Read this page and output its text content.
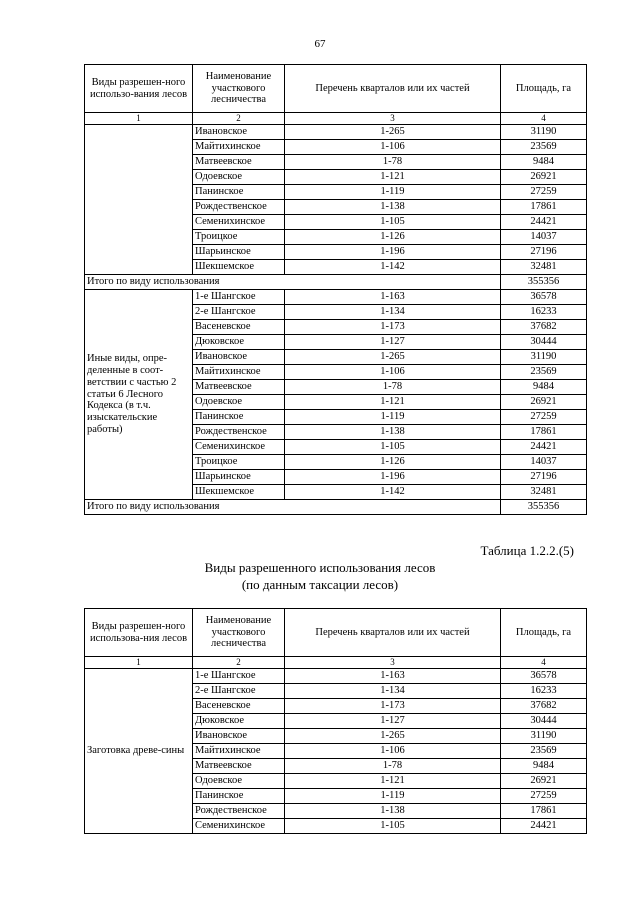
67
Виды разрешен-ного использо-вания лесов	Наименование участкового лесничества	Перечень кварталов или их частей	Площадь, га
1	2	3	4
	Ивановское	1-265	31190
	Майтихинское	1-106	23569
	Матвеевское	1-78	9484
	Одоевское	1-121	26921
	Панинское	1-119	27259
	Рождественское	1-138	17861
	Семенихинское	1-105	24421
	Троицкое	1-126	14037
	Шарьинское	1-196	27196
	Шекшемское	1-142	32481
Итого по виду использования			355356
Иные виды, опре-деленные в соот-ветствии с частью 2 статьи 6 Лесного Кодекса (в т.ч. изыскательские работы)	1-е Шангское	1-163	36578
	2-е Шангское	1-134	16233
	Васеневское	1-173	37682
	Дюковское	1-127	30444
	Ивановское	1-265	31190
	Майтихинское	1-106	23569
	Матвеевское	1-78	9484
	Одоевское	1-121	26921
	Панинское	1-119	27259
	Рождественское	1-138	17861
	Семенихинское	1-105	24421
	Троицкое	1-126	14037
	Шарьинское	1-196	27196
	Шекшемское	1-142	32481
Итого по виду использования			355356
Таблица 1.2.2.(5)
Виды разрешенного использования лесов
(по данным таксации лесов)
Виды разрешен-ного использова-ния лесов	Наименование участкового лесничества	Перечень кварталов или их частей	Площадь, га
1	2	3	4
Заготовка древе-сины	1-е Шангское	1-163	36578
	2-е Шангское	1-134	16233
	Васеневское	1-173	37682
	Дюковское	1-127	30444
	Ивановское	1-265	31190
	Майтихинское	1-106	23569
	Матвеевское	1-78	9484
	Одоевское	1-121	26921
	Панинское	1-119	27259
	Рождественское	1-138	17861
	Семенихинское	1-105	24421
